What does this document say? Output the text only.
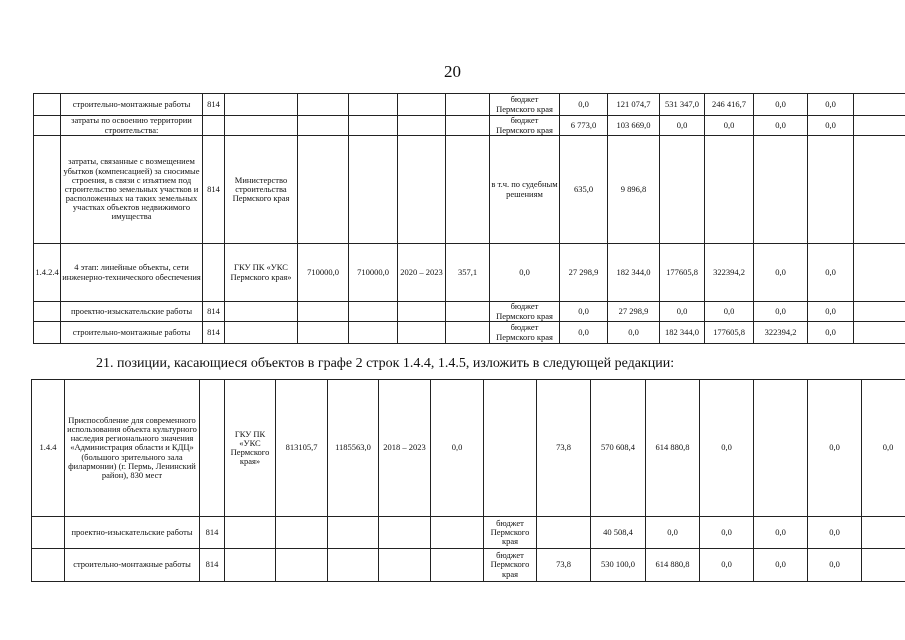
20
	строительно-монтажные работы	814						бюджет Пермского края	0,0	121 074,7	531 347,0	246 416,7	0,0	0,0	
	затраты по освоению территории строительства:							бюджет Пермского края	6 773,0	103 669,0	0,0	0,0	0,0	0,0	
	затраты, связанные с возмещением убытков (компенсацией) за сносимые строения, в связи с изъятием под строительство земельных участков и расположенных на таких земельных участках объектов недвижимого имущества	814	Министерство строительства Пермского края					в т.ч. по судебным решениям	635,0	9 896,8					
1.4.2.4	4 этап: линейные объекты, сети инженерно-технического обеспечения		ГКУ ПК «УКС Пермского края»	710000,0	710000,0	2020 – 2023	357,1	0,0	27 298,9	182 344,0	177605,8	322394,2	0,0	0,0	
	проектно-изыскательские работы	814						бюджет Пермского края	0,0	27 298,9	0,0	0,0	0,0	0,0	
	строительно-монтажные работы	814						бюджет Пермского края	0,0	0,0	182 344,0	177605,8	322394,2	0,0	
21. позиции, касающиеся объектов в графе 2 строк 1.4.4, 1.4.5, изложить в следующей редакции:
1.4.4	Приспособление для современного использования объекта культурного наследия регионального значения «Администрация области и КДЦ» (большого зрительного зала филармонии) (г. Пермь, Ленинский район), 830 мест		ГКУ ПК «УКС Пермского края»	813105,7	1185563,0	2018 – 2023	0,0		73,8	570 608,4	614 880,8	0,0		0,0	0,0	
	проектно-изыскательские работы	814						бюджет Пермского края		40 508,4	0,0	0,0	0,0	0,0		
	строительно-монтажные работы	814						бюджет Пермского края	73,8	530 100,0	614 880,8	0,0	0,0	0,0		
